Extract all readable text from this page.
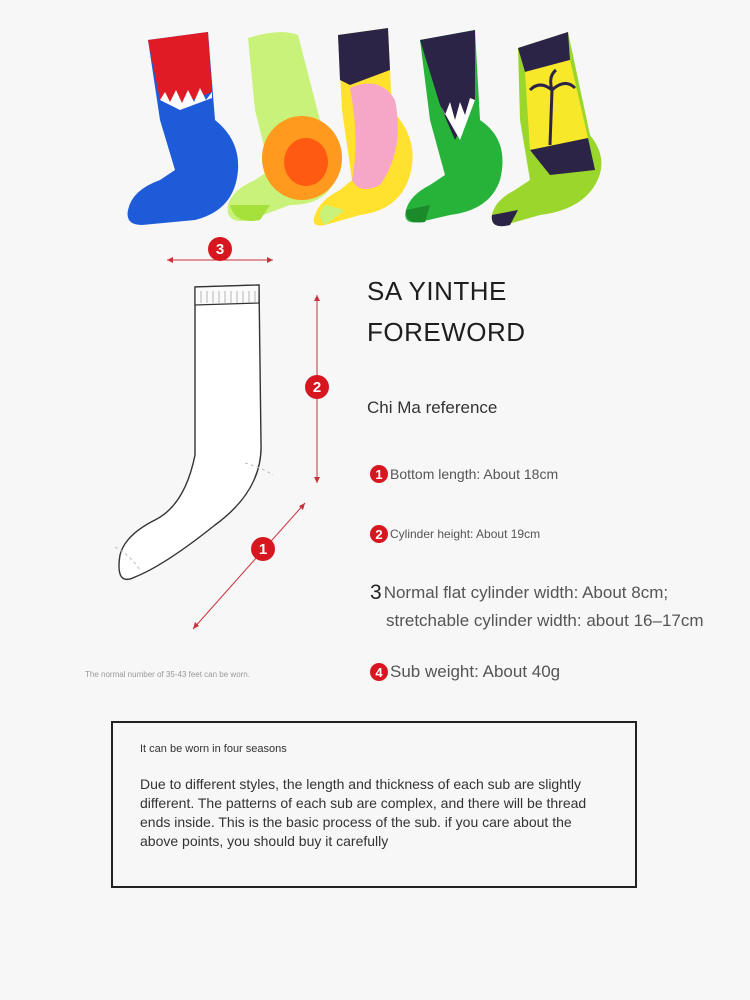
3
2
1
SA YINTHE
FOREWORD
Chi Ma reference
1 Bottom length: About 18cm
2 Cylinder height: About 19cm
3 Normal flat cylinder width: About 8cm;
stretchable cylinder width: about 16–17cm
4 Sub weight: About 40g
The normal number of 35-43 feet can be worn.
It can be worn in four seasons
Due to different styles, the length and thickness of each sub are slightly different. The patterns of each sub are complex, and there will be thread ends inside. This is the basic process of the sub. if you care about the above points, you should buy it carefully
